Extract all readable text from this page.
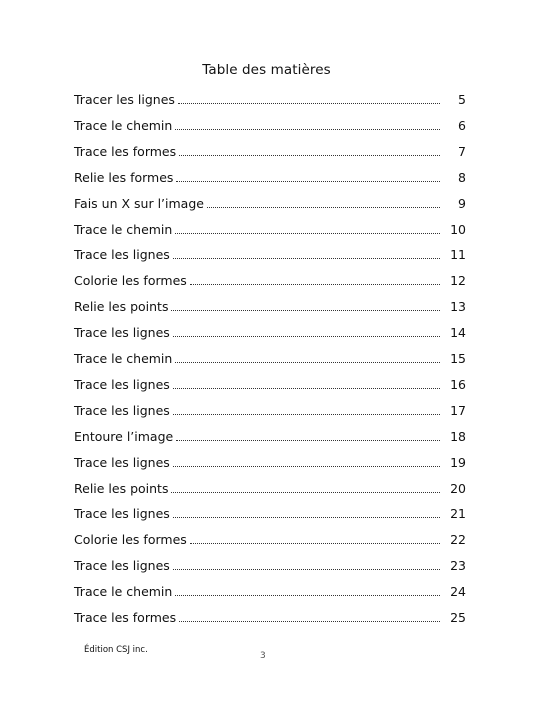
Table des matières
Tracer les lignes	5
Trace le chemin	6
Trace les formes	7
Relie les formes	8
Fais un X sur l’image	9
Trace le chemin	10
Trace les lignes	11
Colorie les formes	12
Relie les points	13
Trace les lignes	14
Trace le chemin	15
Trace les lignes	16
Trace les lignes	17
Entoure l’image	18
Trace les lignes	19
Relie les points	20
Trace les lignes	21
Colorie les formes	22
Trace les lignes	23
Trace le chemin	24
Trace les formes	25
Édition CSJ inc.
3
